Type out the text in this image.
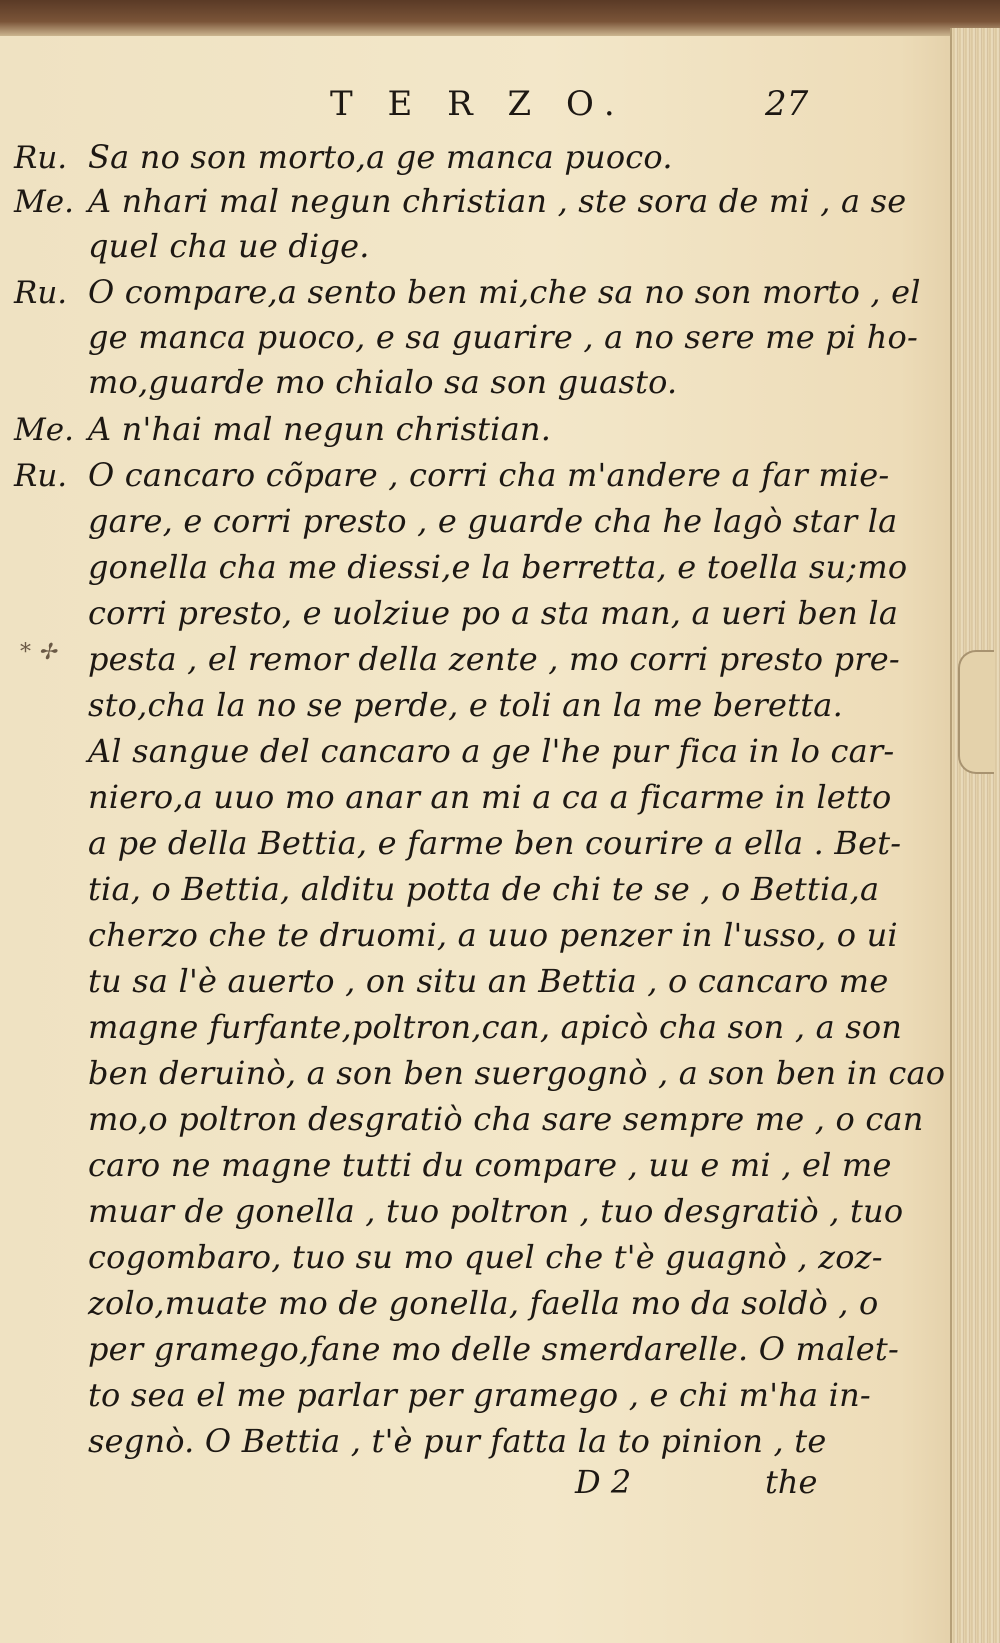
T E R Z O.	27
Ru. Sa no son morto,a ge manca puoco.
Me. A nhari mal negun christian , ste sora de mi , a se
quel cha ue dige.
Ru. O compare,a sento ben mi,che sa no son morto , el
ge manca puoco, e sa guarire , a no sere me pi ho-
mo,guarde mo chialo sa son guasto.
Me. A n'hai mal negun christian.
Ru. O cancaro cõpare , corri cha m'andere a far mie-
gare, e corri presto , e guarde cha he lagò star la
gonella cha me diessi,e la berretta, e toella su;mo
corri presto, e uolziue po a sta man, a ueri ben la
pesta , el remor della zente , mo corri presto pre-
sto,cha la no se perde, e toli an la me beretta.
Al sangue del cancaro a ge l'he pur fica in lo car-
niero,a uuo mo anar an mi a ca a ficarme in letto
a pe della Bettia, e farme ben courire a ella . Bet-
tia, o Bettia, alditu potta de chi te se , o Bettia,a
cherzo che te druomi, a uuo penzer in l'usso, o ui
tu sa l'è auerto , on situ an Bettia , o cancaro me
magne furfante,poltron,can, apicò cha son , a son
ben deruinò, a son ben suergognò , a son ben in cao
mo,o poltron desgratiò cha sare sempre me , o can
caro ne magne tutti du compare , uu e mi , el me
muar de gonella , tuo poltron , tuo desgratiò , tuo
cogombaro, tuo su mo quel che t'è guagnò , zoz-
zolo,muate mo de gonella, faella mo da soldò , o
per gramego,fane mo delle smerdarelle. O malet-
to sea el me parlar per gramego , e chi m'ha in-
segnò. O Bettia , t'è pur fatta la to pinion , te
D 2	the
* ✢
